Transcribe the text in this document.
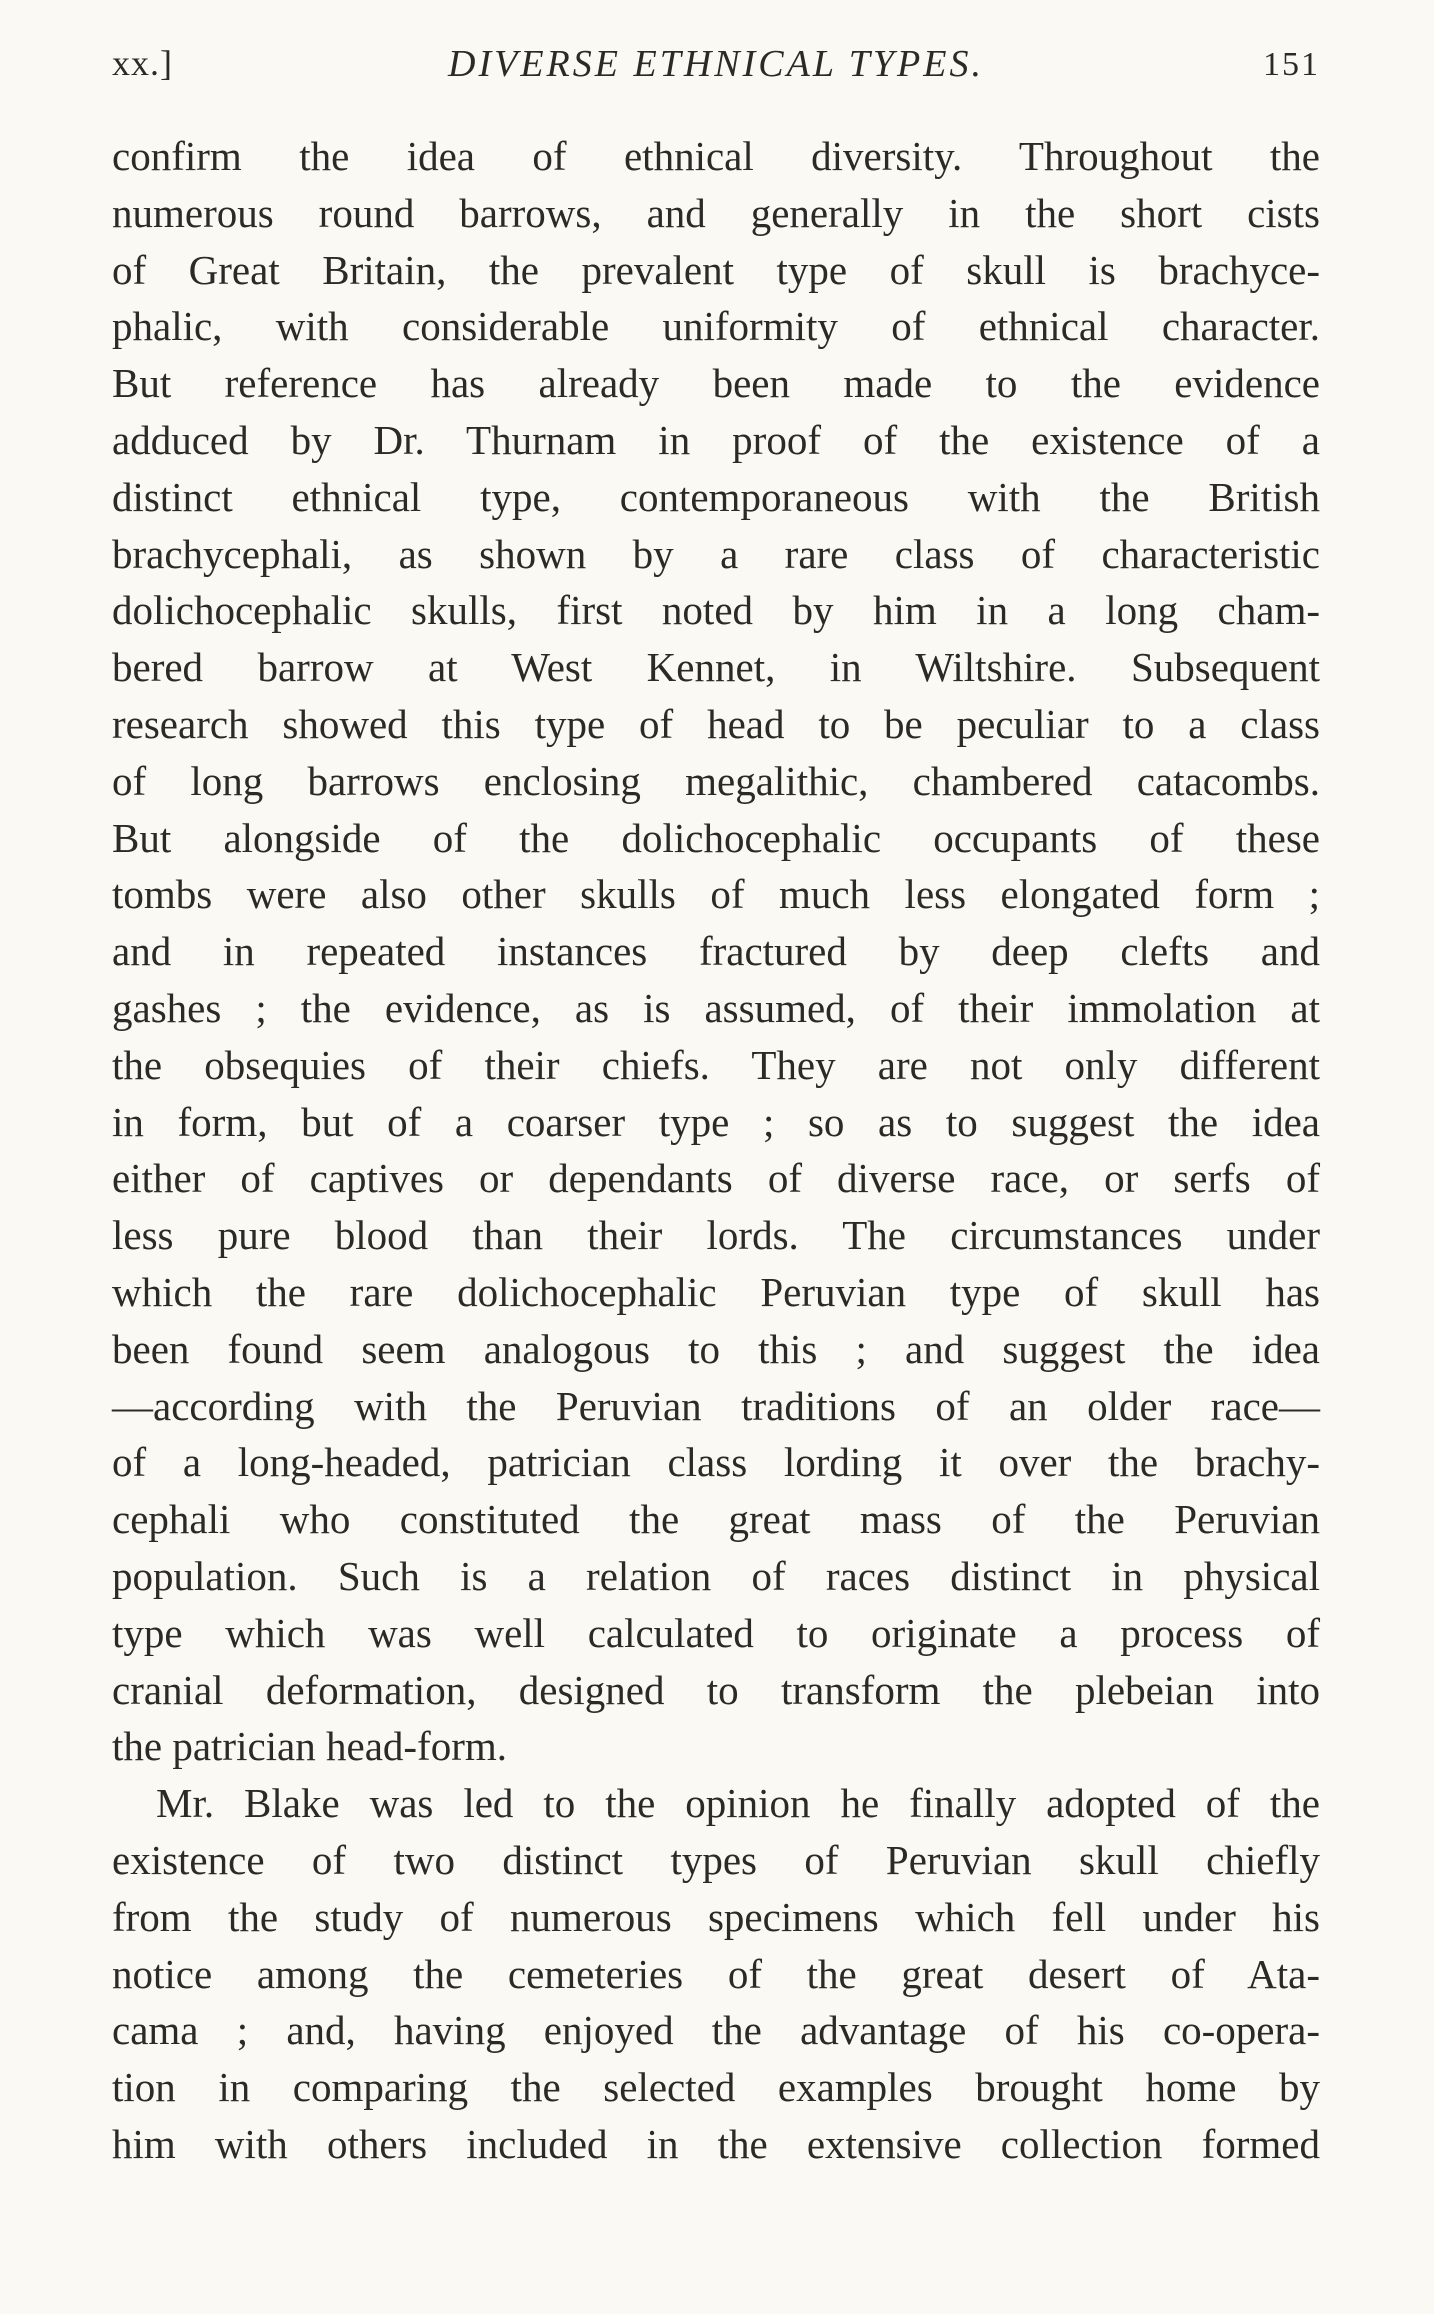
xx.]	DIVERSE ETHNICAL TYPES.	151
confirm the idea of ethnical diversity. Throughout the
numerous round barrows, and generally in the short cists
of Great Britain, the prevalent type of skull is brachyce-
phalic, with considerable uniformity of ethnical character.
But reference has already been made to the evidence
adduced by Dr. Thurnam in proof of the existence of a
distinct ethnical type, contemporaneous with the British
brachycephali, as shown by a rare class of characteristic
dolichocephalic skulls, first noted by him in a long cham-
bered barrow at West Kennet, in Wiltshire. Subsequent
research showed this type of head to be peculiar to a class
of long barrows enclosing megalithic, chambered catacombs.
But alongside of the dolichocephalic occupants of these
tombs were also other skulls of much less elongated form ;
and in repeated instances fractured by deep clefts and
gashes ; the evidence, as is assumed, of their immolation at
the obsequies of their chiefs. They are not only different
in form, but of a coarser type ; so as to suggest the idea
either of captives or dependants of diverse race, or serfs of
less pure blood than their lords. The circumstances under
which the rare dolichocephalic Peruvian type of skull has
been found seem analogous to this ; and suggest the idea
—according with the Peruvian traditions of an older race—
of a long-headed, patrician class lording it over the brachy-
cephali who constituted the great mass of the Peruvian
population. Such is a relation of races distinct in physical
type which was well calculated to originate a process of
cranial deformation, designed to transform the plebeian into
the patrician head-form.
Mr. Blake was led to the opinion he finally adopted of the
existence of two distinct types of Peruvian skull chiefly
from the study of numerous specimens which fell under his
notice among the cemeteries of the great desert of Ata-
cama ; and, having enjoyed the advantage of his co-opera-
tion in comparing the selected examples brought home by
him with others included in the extensive collection formed
